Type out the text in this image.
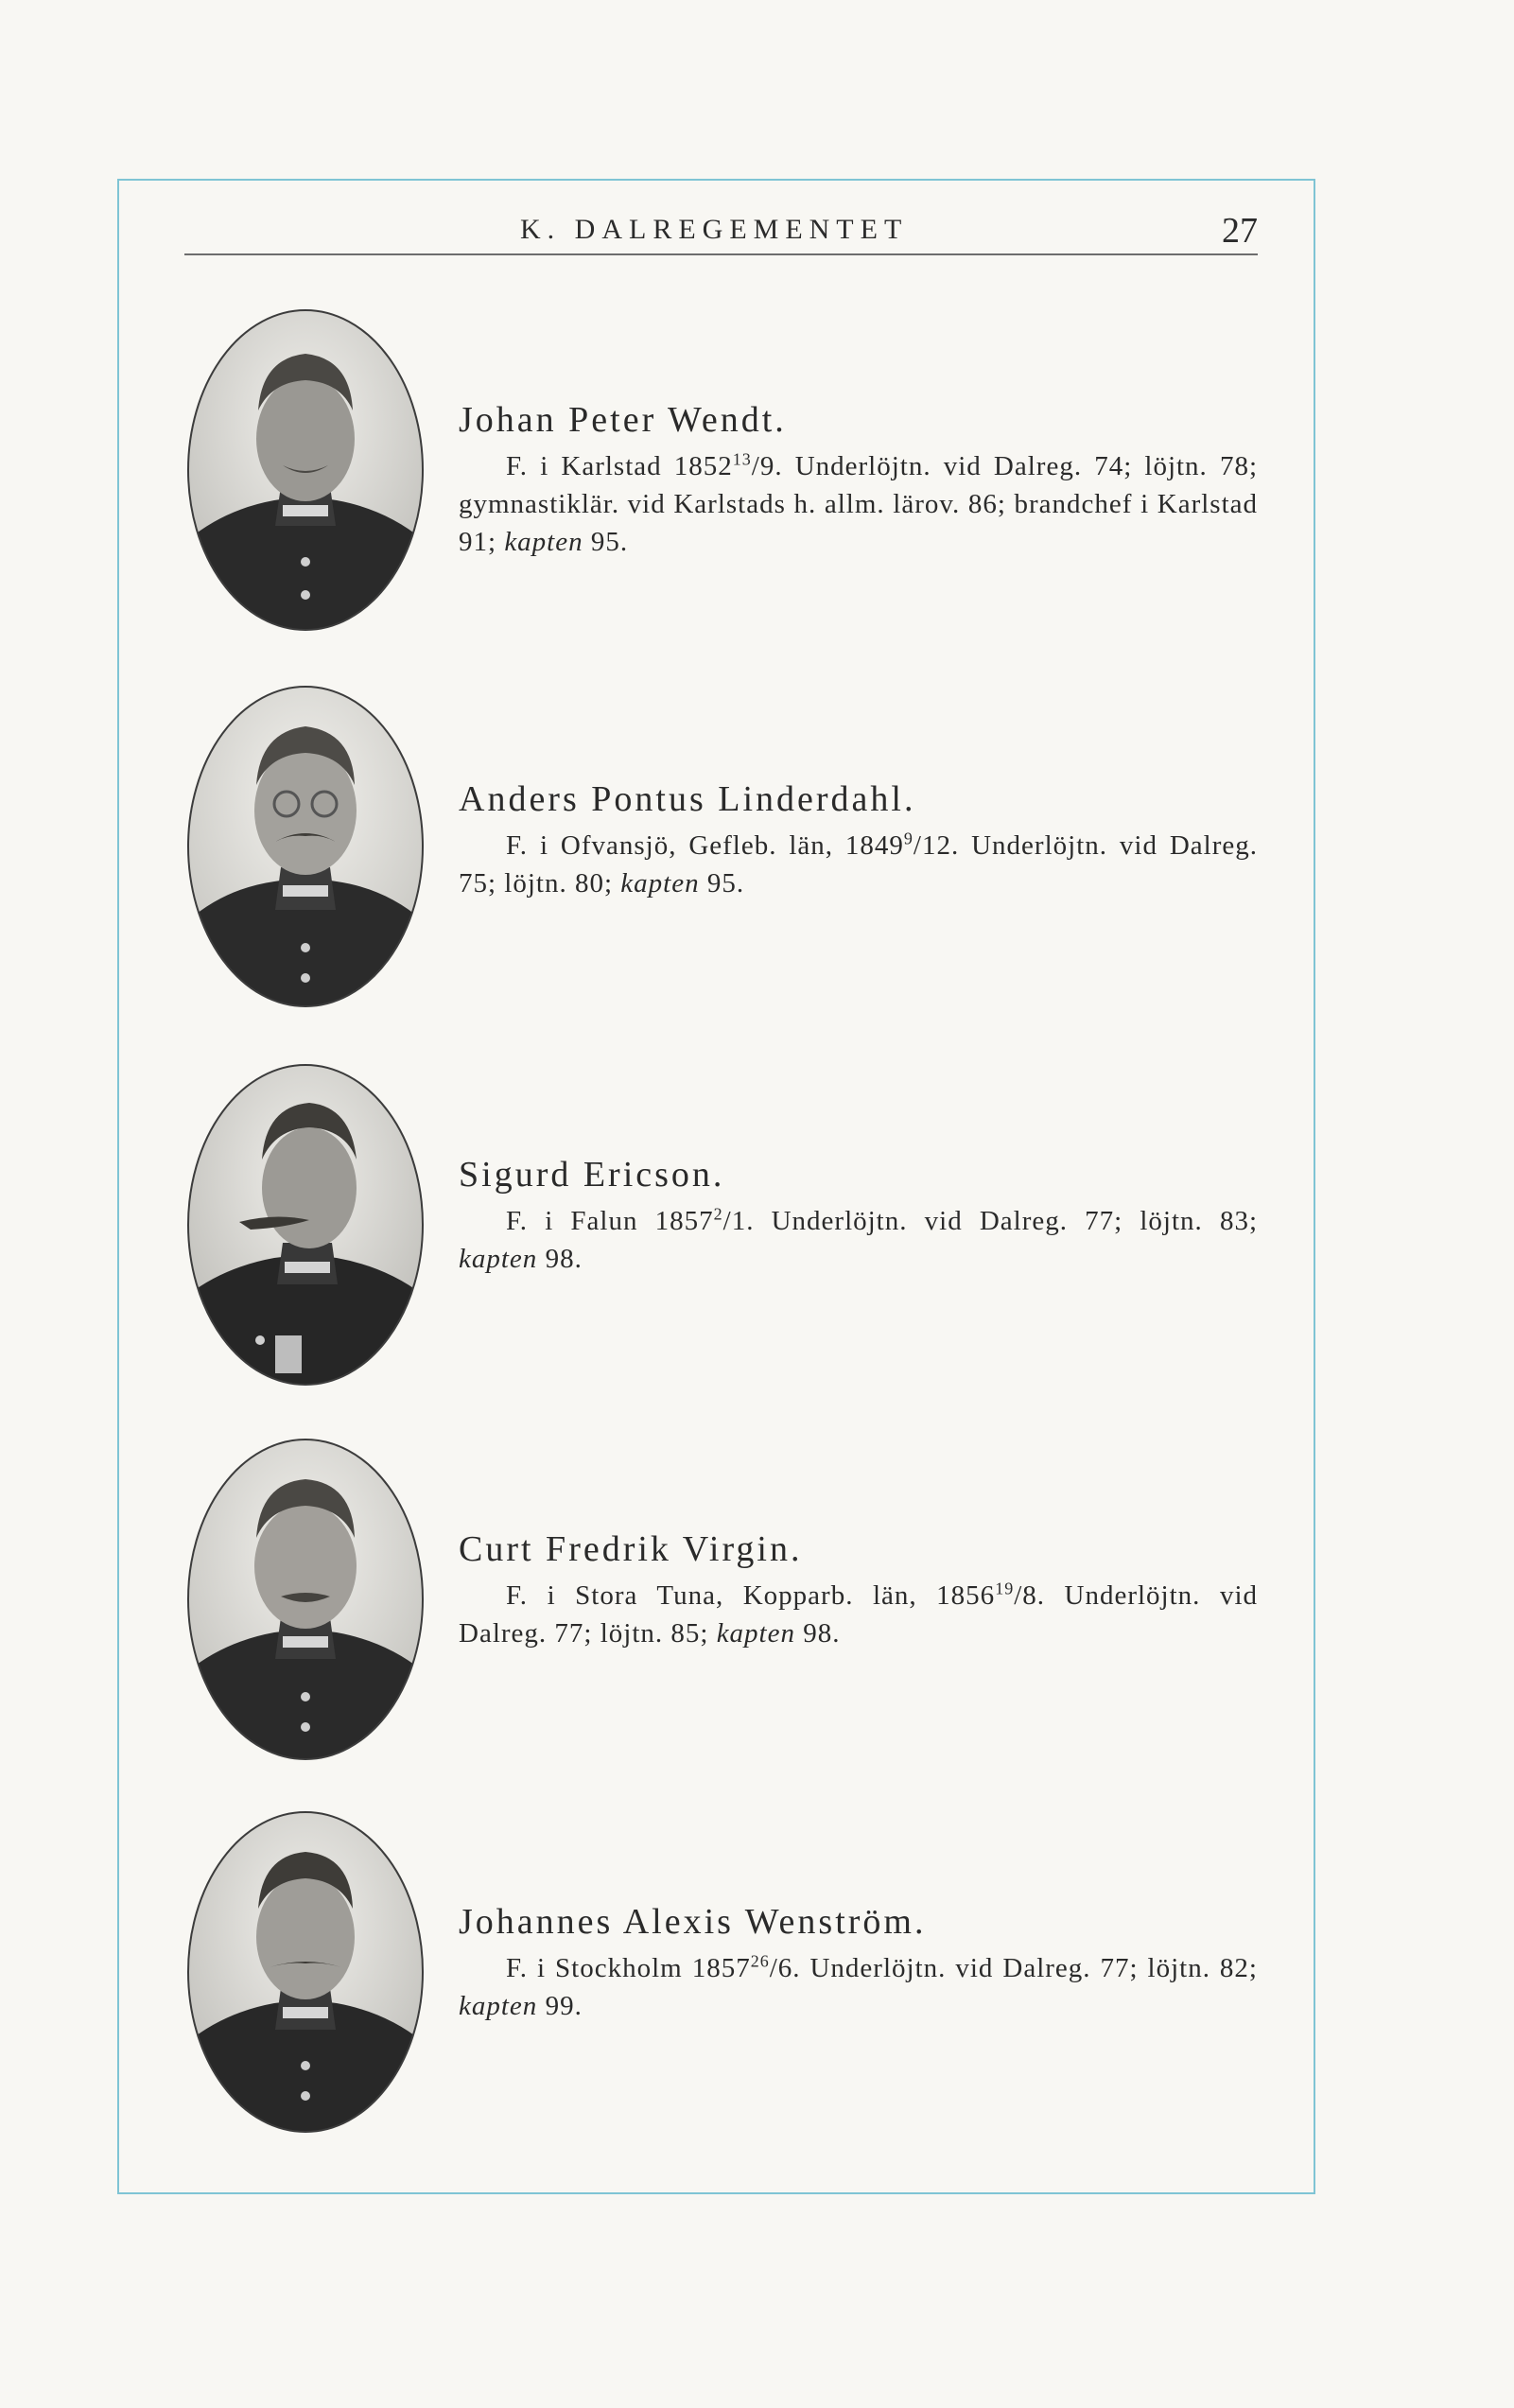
K. DALREGEMENTET	27
Johan Peter Wendt.

F. i Karlstad 1852$^{13}$/9. Underlöjtn. vid Dalreg. 74; löjtn. 78; gymnastiklär. vid Karlstads h. allm. lärov. 86; brandchef i Karlstad 91; kapten 95.

Anders Pontus Linderdahl.

F. i Ofvansjö, Gefleb. län, 1849$^9$/12. Underlöjtn. vid Dalreg. 75; löjtn. 80; kapten 95.

Sigurd Ericson.

F. i Falun 1857$^2$/1. Underlöjtn. vid Dalreg. 77; löjtn. 83; kapten 98.

Curt Fredrik Virgin.

F. i Stora Tuna, Kopparb. län, 1856$^{19}$/8. Underlöjtn. vid Dalreg. 77; löjtn. 85; kapten 98.

Johannes Alexis Wenström.

F. i Stockholm 1857$^{26}$/6. Underlöjtn. vid Dalreg. 77; löjtn. 82; kapten 99.
